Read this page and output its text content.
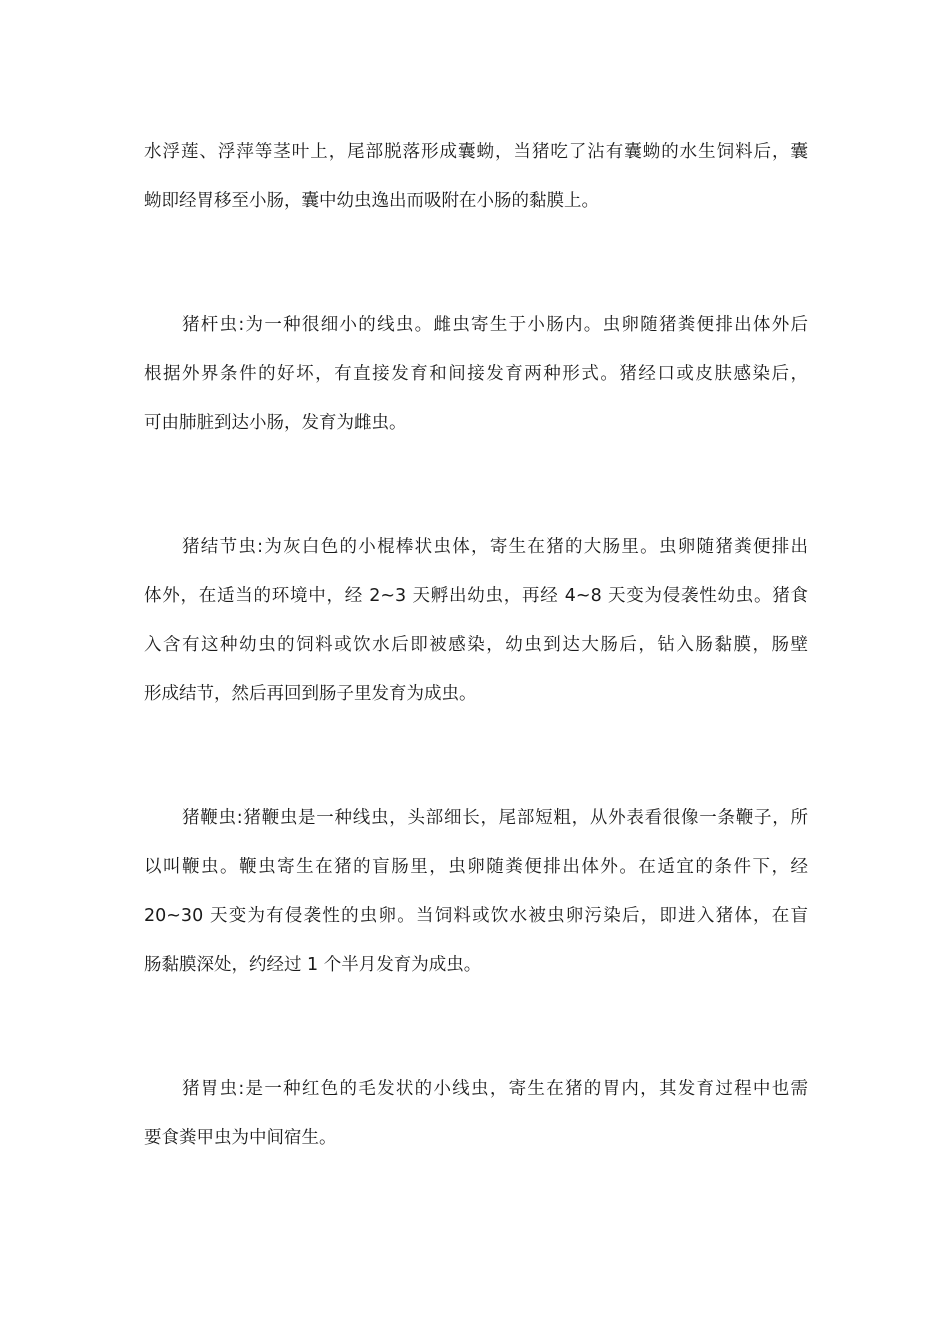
水浮莲、浮萍等茎叶上，尾部脱落形成囊蚴，当猪吃了沾有囊蚴的水生饲料后，囊
蚴即经胃移至小肠，囊中幼虫逸出而吸附在小肠的黏膜上。
猪杆虫:为一种很细小的线虫。雌虫寄生于小肠内。虫卵随猪粪便排出体外后
根据外界条件的好坏，有直接发育和间接发育两种形式。猪经口或皮肤感染后，
可由肺脏到达小肠，发育为雌虫。
猪结节虫:为灰白色的小棍棒状虫体，寄生在猪的大肠里。虫卵随猪粪便排出
体外，在适当的环境中，经 2~3 天孵出幼虫，再经 4~8 天变为侵袭性幼虫。猪食
入含有这种幼虫的饲料或饮水后即被感染，幼虫到达大肠后，钻入肠黏膜，肠壁
形成结节，然后再回到肠子里发育为成虫。
猪鞭虫:猪鞭虫是一种线虫，头部细长，尾部短粗，从外表看很像一条鞭子，所
以叫鞭虫。鞭虫寄生在猪的盲肠里，虫卵随粪便排出体外。在适宜的条件下，经
20~30 天变为有侵袭性的虫卵。当饲料或饮水被虫卵污染后，即进入猪体，在盲
肠黏膜深处，约经过 1 个半月发育为成虫。
猪胃虫:是一种红色的毛发状的小线虫，寄生在猪的胃内，其发育过程中也需
要食粪甲虫为中间宿生。
